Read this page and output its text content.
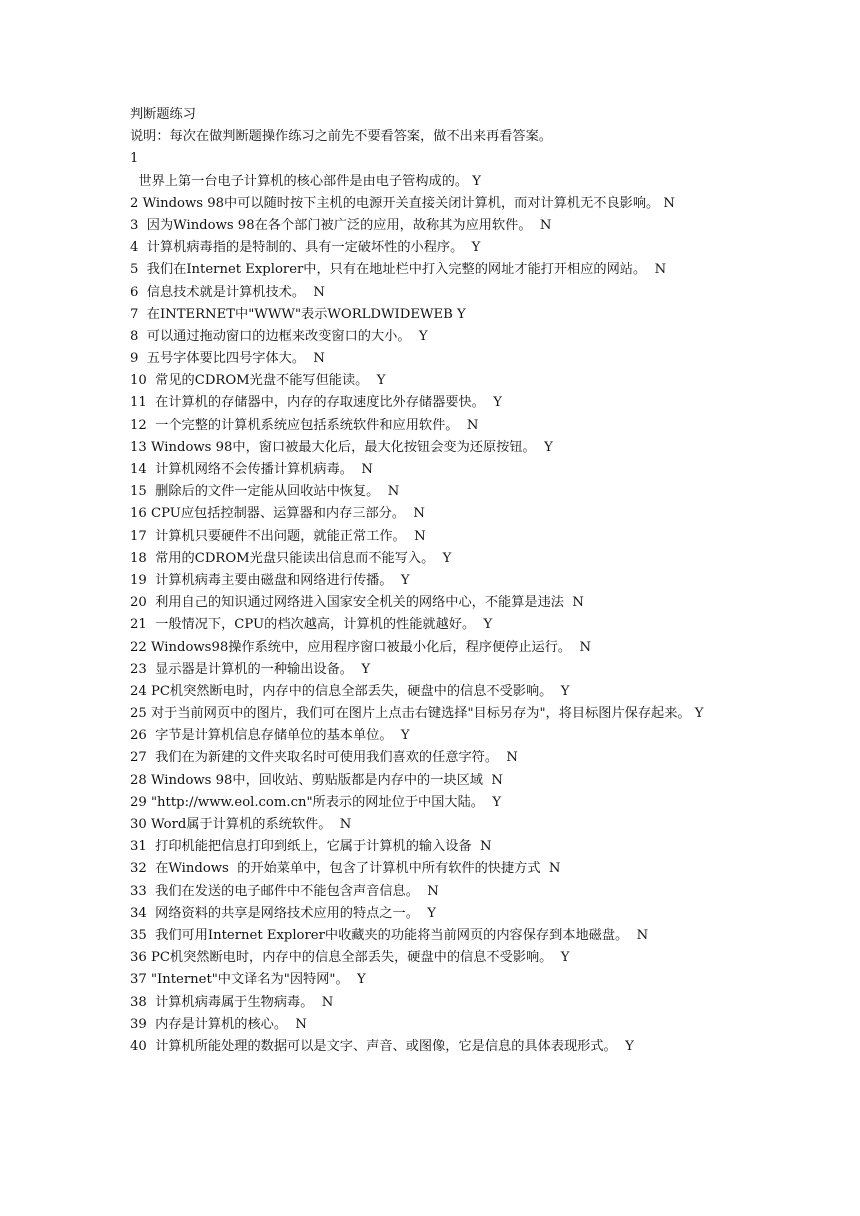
判断题练习
说明：每次在做判断题操作练习之前先不要看答案，做不出来再看答案。
1
世界上第一台电子计算机的核心部件是由电子管构成的。 Y
2 Windows 98中可以随时按下主机的电源开关直接关闭计算机，而对计算机无不良影响。 N
3  因为Windows 98在各个部门被广泛的应用，故称其为应用软件。  N
4  计算机病毒指的是特制的、具有一定破坏性的小程序。  Y
5  我们在Internet Explorer中，只有在地址栏中打入完整的网址才能打开相应的网站。  N
6  信息技术就是计算机技术。  N
7  在INTERNET中"WWW"表示WORLDWIDEWEB Y
8  可以通过拖动窗口的边框来改变窗口的大小。  Y
9  五号字体要比四号字体大。  N
10  常见的CDROM光盘不能写但能读。  Y
11  在计算机的存储器中，内存的存取速度比外存储器要快。  Y
12  一个完整的计算机系统应包括系统软件和应用软件。  N
13 Windows 98中，窗口被最大化后，最大化按钮会变为还原按钮。  Y
14  计算机网络不会传播计算机病毒。  N
15  删除后的文件一定能从回收站中恢复。  N
16 CPU应包括控制器、运算器和内存三部分。  N
17  计算机只要硬件不出问题，就能正常工作。  N
18  常用的CDROM光盘只能读出信息而不能写入。  Y
19  计算机病毒主要由磁盘和网络进行传播。  Y
20  利用自己的知识通过网络进入国家安全机关的网络中心，不能算是违法  N
21  一般情况下，CPU的档次越高，计算机的性能就越好。  Y
22 Windows98操作系统中，应用程序窗口被最小化后，程序便停止运行。  N
23  显示器是计算机的一种输出设备。  Y
24 PC机突然断电时，内存中的信息全部丢失，硬盘中的信息不受影响。  Y
25 对于当前网页中的图片，我们可在图片上点击右键选择"目标另存为"，将目标图片保存起来。 Y
26  字节是计算机信息存储单位的基本单位。  Y
27  我们在为新建的文件夹取名时可使用我们喜欢的任意字符。  N
28 Windows 98中，回收站、剪贴版都是内存中的一块区域  N
29 "http://www.eol.com.cn"所表示的网址位于中国大陆。  Y
30 Word属于计算机的系统软件。  N
31  打印机能把信息打印到纸上，它属于计算机的输入设备  N
32  在Windows  的开始菜单中，包含了计算机中所有软件的快捷方式  N
33  我们在发送的电子邮件中不能包含声音信息。  N
34  网络资料的共享是网络技术应用的特点之一。  Y
35  我们可用Internet Explorer中收藏夹的功能将当前网页的内容保存到本地磁盘。  N
36 PC机突然断电时，内存中的信息全部丢失，硬盘中的信息不受影响。  Y
37 "Internet"中文译名为"因特网"。  Y
38  计算机病毒属于生物病毒。  N
39  内存是计算机的核心。  N
40  计算机所能处理的数据可以是文字、声音、或图像，它是信息的具体表现形式。  Y
